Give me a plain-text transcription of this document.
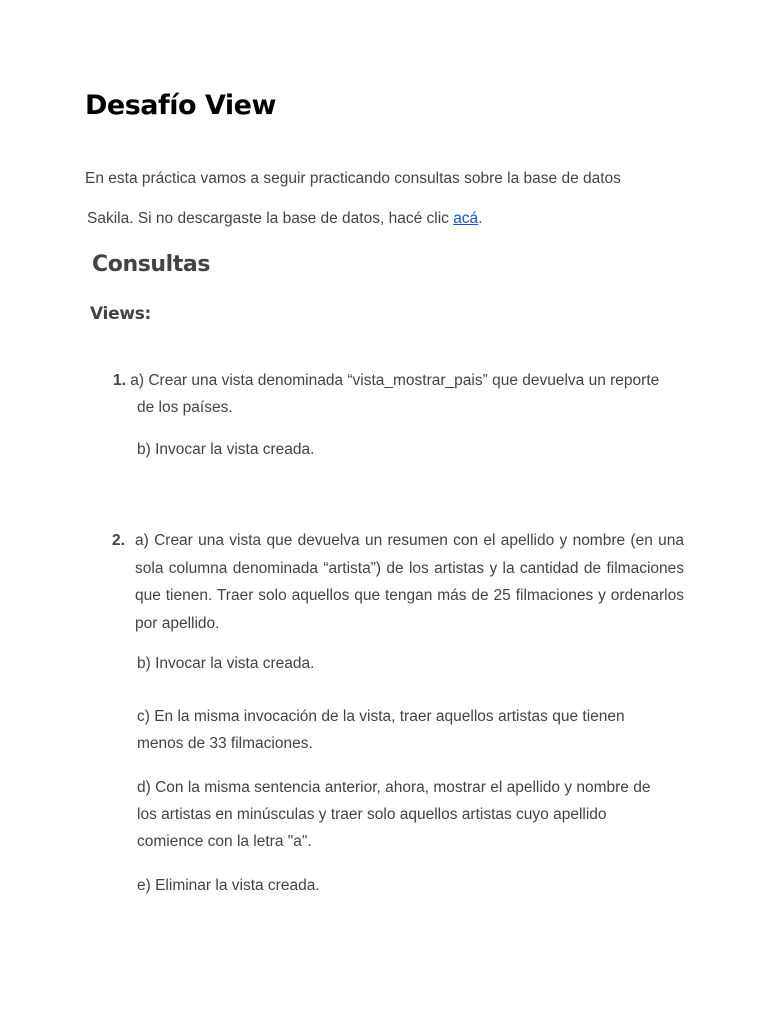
Desafío View

En esta práctica vamos a seguir practicando consultas sobre la base de datos

Sakila. Si no descargaste la base de datos, hacé clic acá.

Consultas
Views:
1. a) Crear una vista denominada “vista_mostrar_pais” que devuelva un reporte
de los países.

b) Invocar la vista creada.

2. a) Crear una vista que devuelva un resumen con el apellido y nombre (en una sola columna denominada “artista”) de los artistas y la cantidad de filmaciones que tienen. Traer solo aquellos que tengan más de 25 filmaciones y ordenarlos por apellido.

b) Invocar la vista creada.

c) En la misma invocación de la vista, traer aquellos artistas que tienen menos de 33 filmaciones.

d) Con la misma sentencia anterior, ahora, mostrar el apellido y nombre de los artistas en minúsculas y traer solo aquellos artistas cuyo apellido comience con la letra "a".

e) Eliminar la vista creada.
